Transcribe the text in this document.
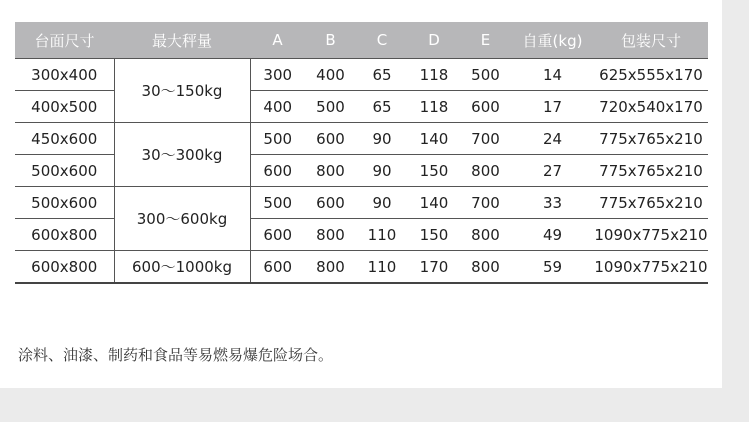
台面尺寸	最大秤量	A	B	C	D	E	自重(kg)	包装尺寸
300x400	30～150kg	300	400	65	118	500	14	625x555x170
400x500		400	500	65	118	600	17	720x540x170
450x600	30～300kg	500	600	90	140	700	24	775x765x210
500x600		600	800	90	150	800	27	775x765x210
500x600	300～600kg	500	600	90	140	700	33	775x765x210
600x800		600	800	110	150	800	49	1090x775x210
600x800	600～1000kg	600	800	110	170	800	59	1090x775x210
涂料、油漆、制药和食品等易燃易爆危险场合。
